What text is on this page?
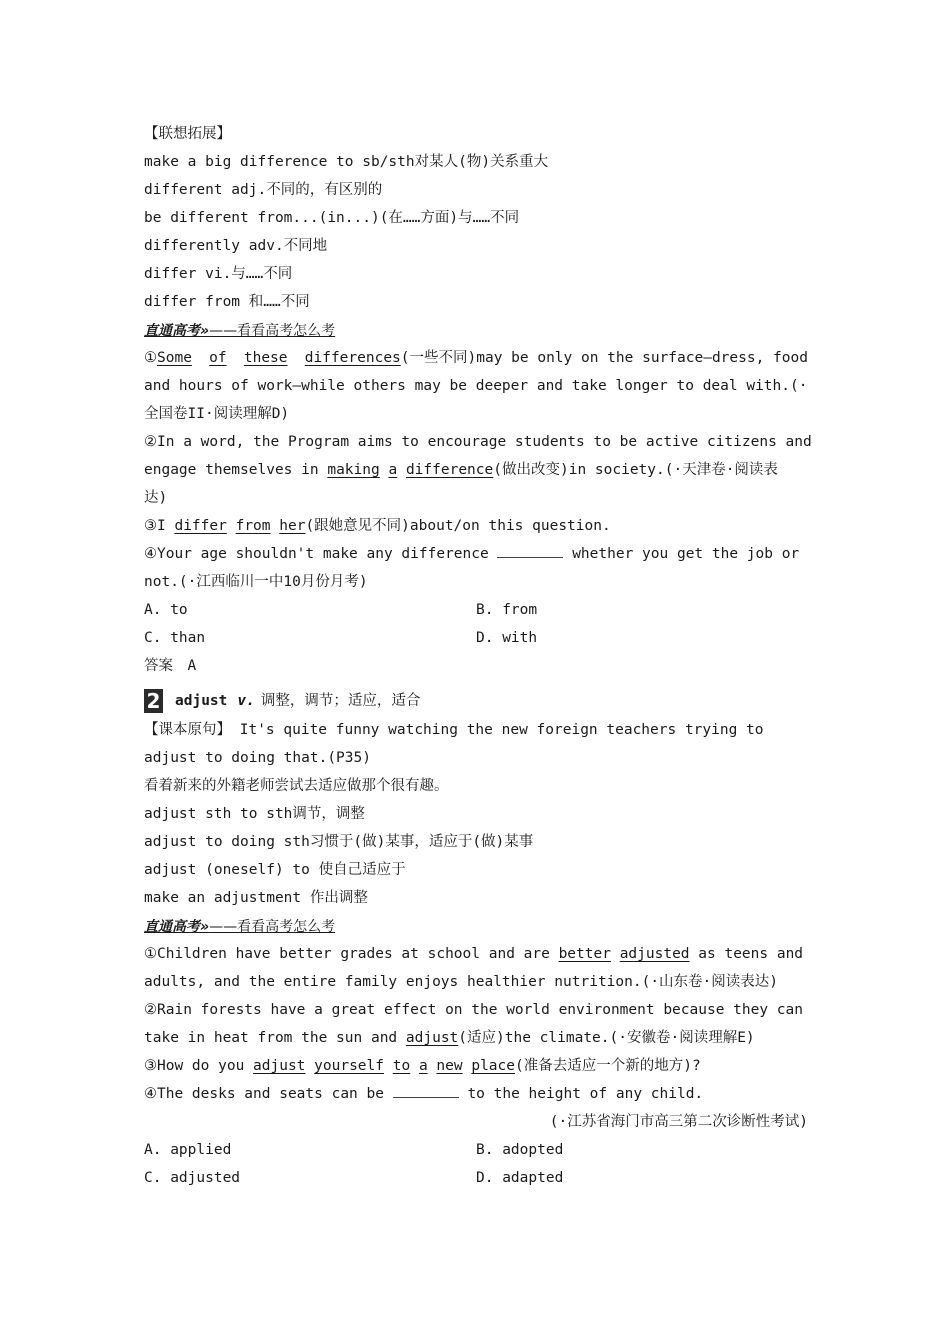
【联想拓展】
make a big difference to sb/sth对某人(物)关系重大
different adj.不同的，有区别的
be different from...(in...)(在……方面)与……不同
differently adv.不同地
differ vi.与……不同
differ from 和……不同
直通高考»——看看高考怎么考
①Some of these differences(一些不同)may be only on the surface—dress, food
and hours of work—while others may be deeper and take longer to deal with.(·
全国卷II·阅读理解D)
②In a word, the Program aims to encourage students to be active citizens and
engage themselves in making a difference(做出改变)in society.(·天津卷·阅读表
达)
③I differ from her(跟她意见不同)about/on this question.
④Your age shouldn't make any difference	whether you get the job or
not.(·江西临川一中10月份月考)
A. to	B. from
C. than	D. with
答案　A
2 adjust v. 调整，调节；适应，适合
【课本原句】 It's quite funny watching the new foreign teachers trying to
adjust to doing that.(P35)
看着新来的外籍老师尝试去适应做那个很有趣。
adjust sth to sth调节，调整
adjust to doing sth习惯于(做)某事，适应于(做)某事
adjust (oneself) to 使自己适应于
make an adjustment 作出调整
直通高考»——看看高考怎么考
①Children have better grades at school and are better adjusted as teens and
adults, and the entire family enjoys healthier nutrition.(·山东卷·阅读表达)
②Rain forests have a great effect on the world environment because they can
take in heat from the sun and adjust(适应)the climate.(·安徽卷·阅读理解E)
③How do you adjust yourself to a new place(准备去适应一个新的地方)?
④The desks and seats can be	to the height of any child.
(·江苏省海门市高三第二次诊断性考试)
A. applied	B. adopted
C. adjusted	D. adapted
